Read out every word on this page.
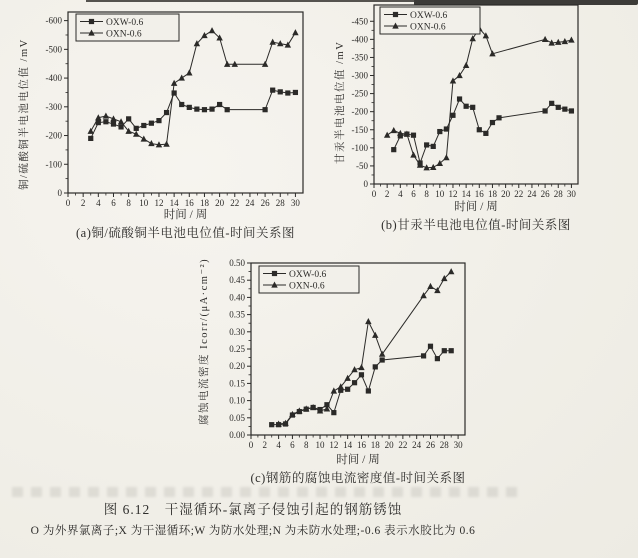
铜/硫酸铜半电池电位值 /mV
0 2 4 6 8 10 12 14 16 18 20 22 24 26 28 30
0
-100
-200
-300
-400
-500
-600	OXW-0.6
OXN-0.6
时间 / 周
(a)铜/硫酸铜半电池电位值-时间关系图
甘汞半电池电位值 /mV
0 2 4 6 8 10 12 14 16 18 20 22 24 26 28 30
0
-50
-100
-150
-200
-250
-300
-350
-400
-450
OXW-0.6
OXN-0.6
时间 / 周
(b)甘汞半电池电位值-时间关系图
腐蚀电流密度 Icorr/(μA·cm⁻²)
0 2 4 6 8 10 12 14 16 18 20 22 24 26 28 30
0.00
0.05
0.10
0.15
0.20
0.25
0.30
0.35
0.40
0.45
0.50
OXW-0.6
OXN-0.6
时间 / 周
(c)钢筋的腐蚀电流密度值-时间关系图
图 6.12　干湿循环-氯离子侵蚀引起的钢筋锈蚀
O 为外界氯离子;X 为干湿循环;W 为防水处理;N 为未防水处理;-0.6 表示水胶比为 0.6
